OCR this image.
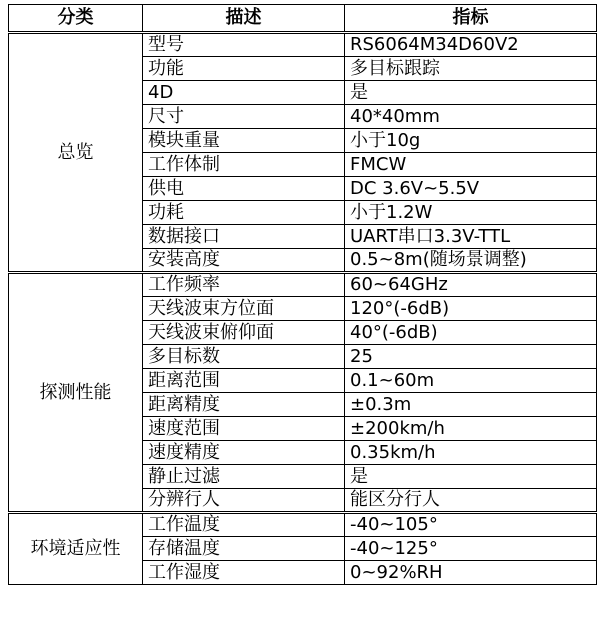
分类	描述	指标
总览	型号	RS6064M34D60V2
	功能	多目标跟踪
	4D	是
	尺寸	40*40mm
	模块重量	小于10g
	工作体制	FMCW
	供电	DC 3.6V~5.5V
	功耗	小于1.2W
	数据接口	UART串口3.3V-TTL
	安装高度	0.5~8m(随场景调整)
探测性能	工作频率	60~64GHz
	天线波束方位面	120°(-6dB)
	天线波束俯仰面	40°(-6dB)
	多目标数	25
	距离范围	0.1~60m
	距离精度	±0.3m
	速度范围	±200km/h
	速度精度	0.35km/h
	静止过滤	是
	分辨行人	能区分行人
环境适应性	工作温度	-40~105°
	存储温度	-40~125°
	工作湿度	0~92%RH
